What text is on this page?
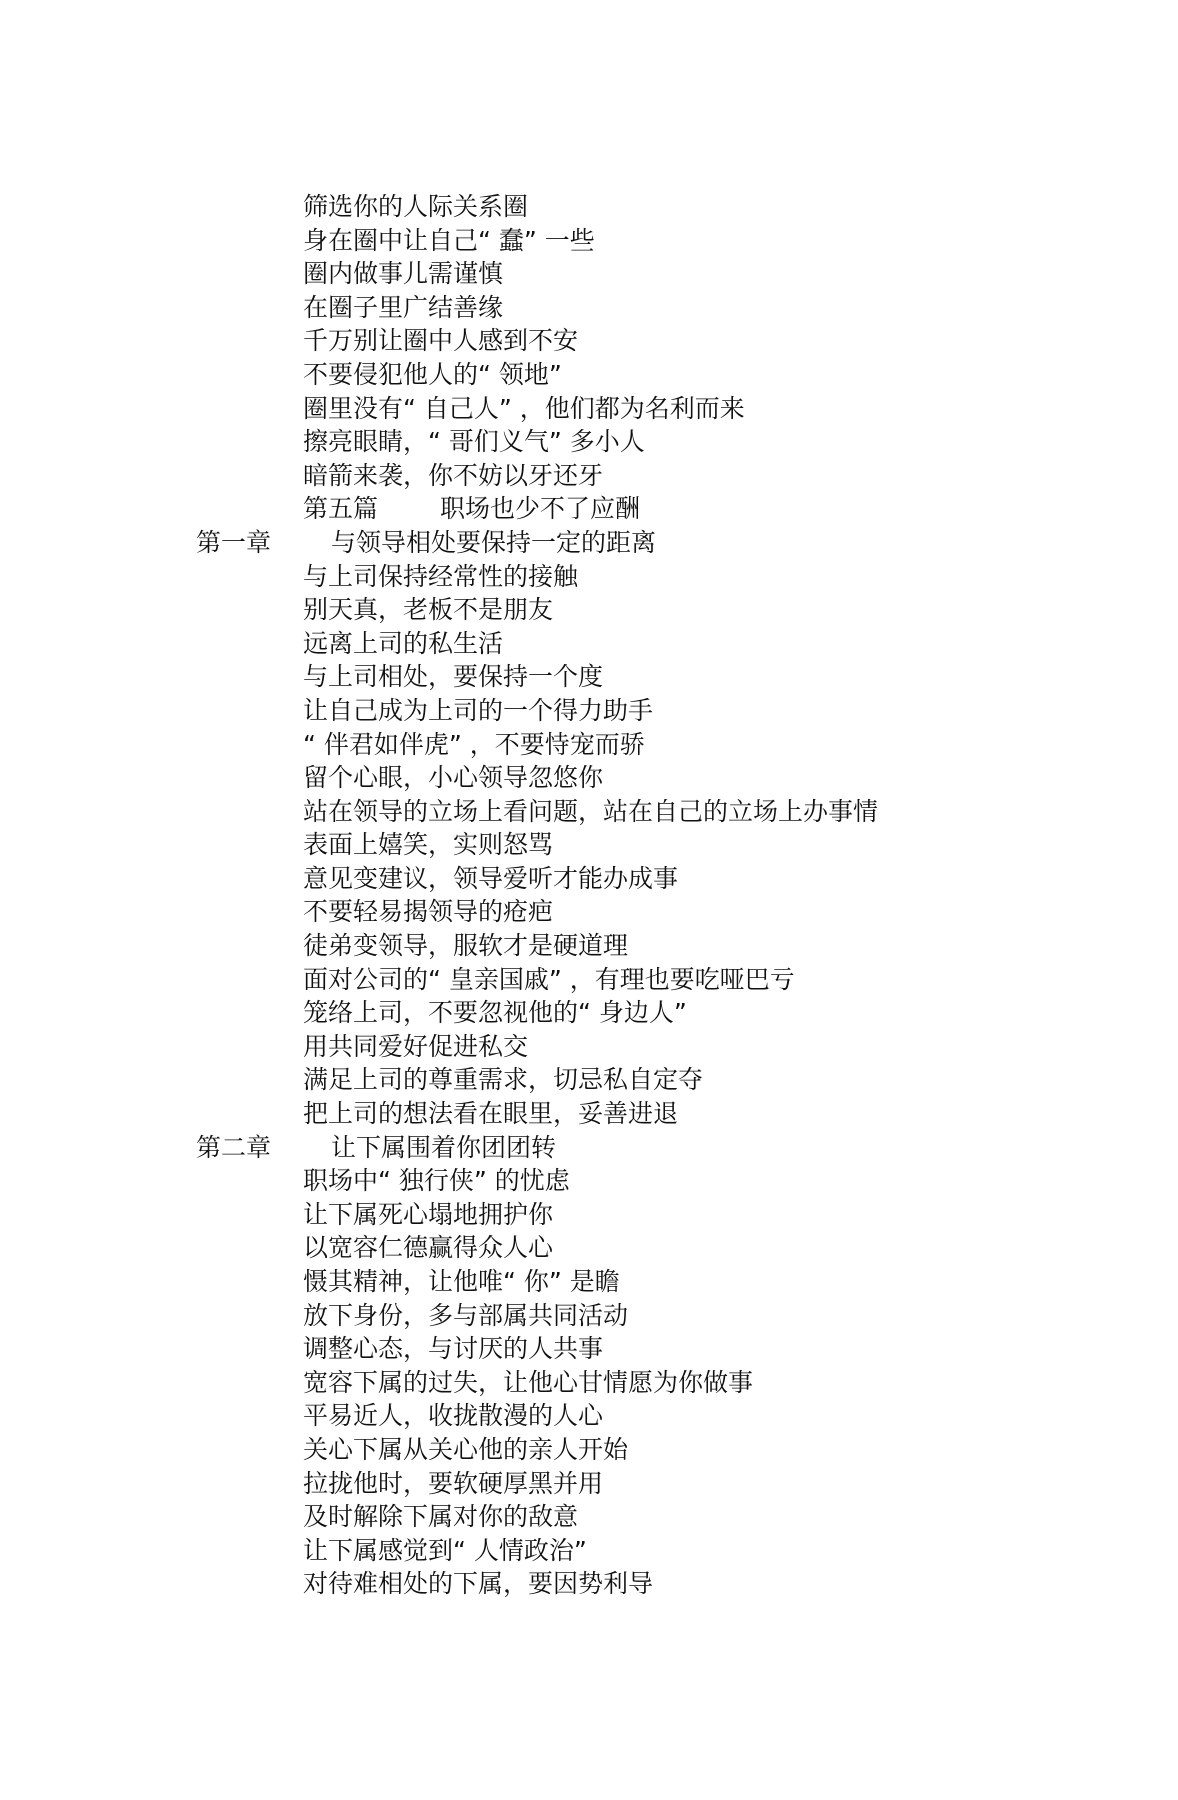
筛选你的人际关系圈
身在圈中让自己“ 蠢” 一些
圈内做事儿需谨慎
在圈子里广结善缘
千万别让圈中人感到不安
不要侵犯他人的“ 领地”
圈里没有“ 自己人” ，他们都为名利而来
擦亮眼睛，“ 哥们义气” 多小人
暗箭来袭，你不妨以牙还牙
第五篇 职场也少不了应酬
第一章 与领导相处要保持一定的距离
与上司保持经常性的接触
别天真，老板不是朋友
远离上司的私生活
与上司相处，要保持一个度
让自己成为上司的一个得力助手
“ 伴君如伴虎” ，不要恃宠而骄
留个心眼，小心领导忽悠你
站在领导的立场上看问题，站在自己的立场上办事情
表面上嬉笑，实则怒骂
意见变建议，领导爱听才能办成事
不要轻易揭领导的疮疤
徒弟变领导，服软才是硬道理
面对公司的“ 皇亲国戚” ，有理也要吃哑巴亏
笼络上司，不要忽视他的“ 身边人”
用共同爱好促进私交
满足上司的尊重需求，切忌私自定夺
把上司的想法看在眼里，妥善进退
第二章 让下属围着你团团转
职场中“ 独行侠” 的忧虑
让下属死心塌地拥护你
以宽容仁德赢得众人心
慑其精神，让他唯“ 你” 是瞻
放下身份，多与部属共同活动
调整心态，与讨厌的人共事
宽容下属的过失，让他心甘情愿为你做事
平易近人，收拢散漫的人心
关心下属从关心他的亲人开始
拉拢他时，要软硬厚黑并用
及时解除下属对你的敌意
让下属感觉到“ 人情政治”
对待难相处的下属，要因势利导
